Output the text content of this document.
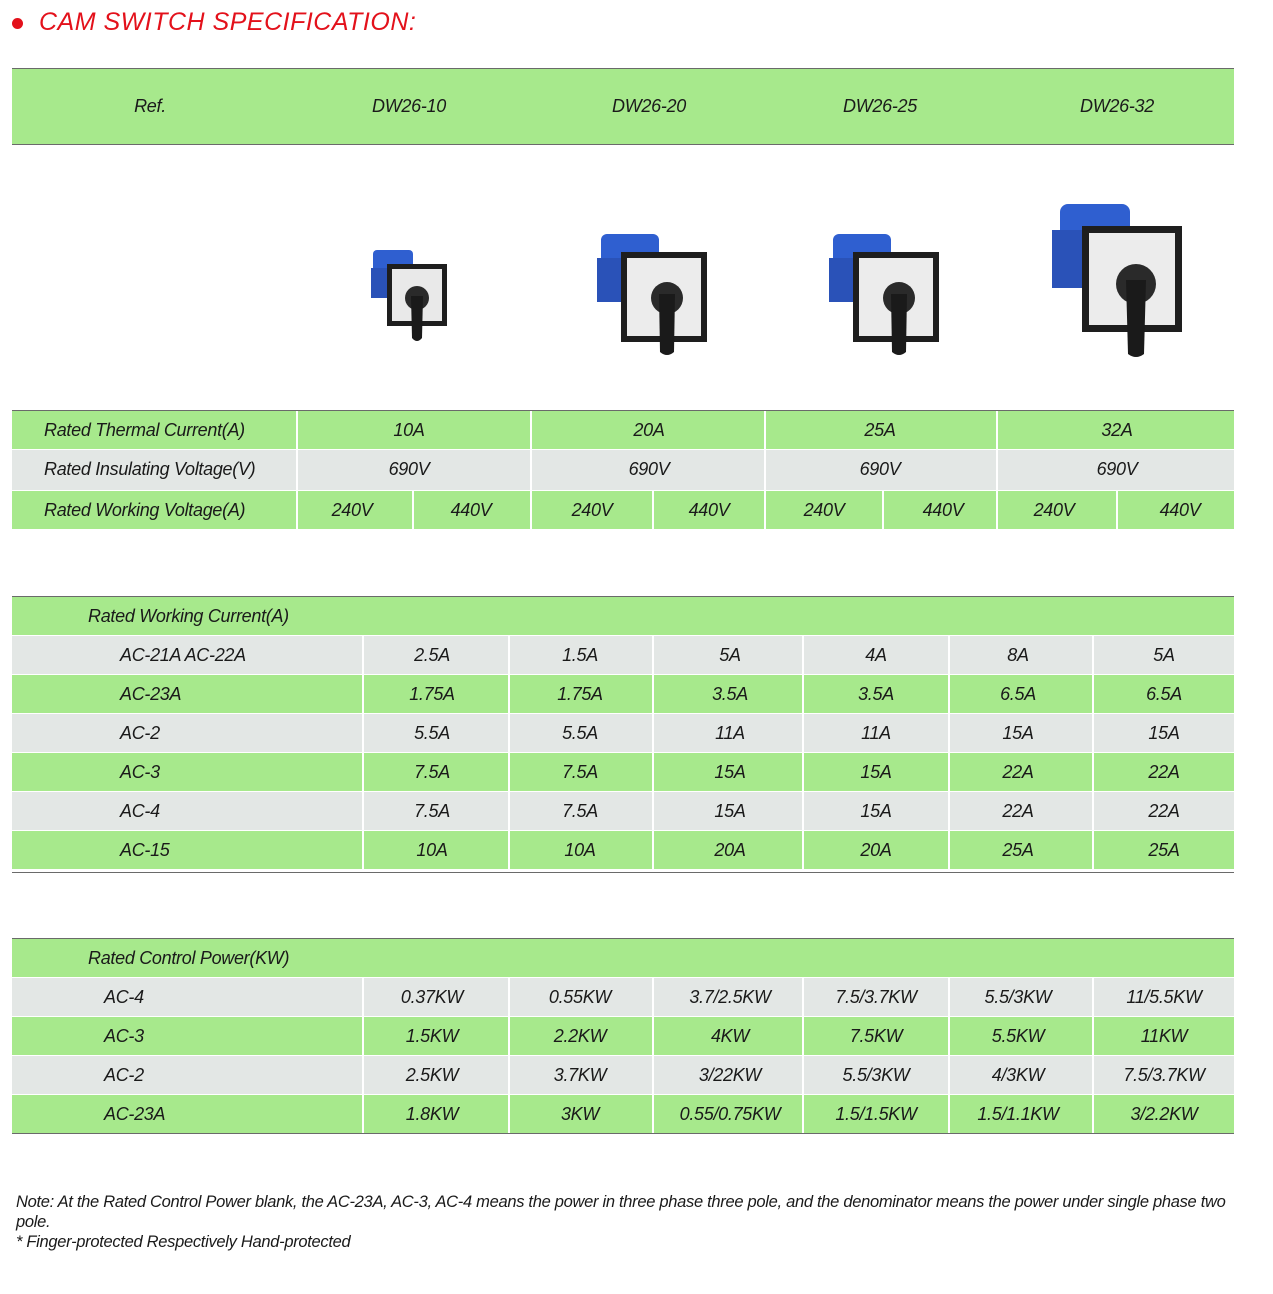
CAM SWITCH SPECIFICATION:
Ref.	DW26-10	DW26-20	DW26-25	DW26-32
Rated Thermal Current(A)	10A	20A	25A	32A
Rated Insulating Voltage(V)	690V	690V	690V	690V
Rated Working Voltage(A)	240V	440V	240V	440V	240V	440V	240V	440V
Rated Working Current(A)
AC-21A AC-22A	2.5A	1.5A	5A	4A	8A	5A
AC-23A	1.75A	1.75A	3.5A	3.5A	6.5A	6.5A
AC-2	5.5A	5.5A	11A	11A	15A	15A
AC-3	7.5A	7.5A	15A	15A	22A	22A
AC-4	7.5A	7.5A	15A	15A	22A	22A
AC-15	10A	10A	20A	20A	25A	25A
Rated Control Power(KW)
AC-4	0.37KW	0.55KW	3.7/2.5KW	7.5/3.7KW	5.5/3KW	11/5.5KW
AC-3	1.5KW	2.2KW	4KW	7.5KW	5.5KW	11KW
AC-2	2.5KW	3.7KW	3/22KW	5.5/3KW	4/3KW	7.5/3.7KW
AC-23A	1.8KW	3KW	0.55/0.75KW	1.5/1.5KW	1.5/1.1KW	3/2.2KW
Note: At the Rated Control Power blank, the AC-23A, AC-3, AC-4 means the power in three phase three pole, and the denominator means the power under single phase two pole.
* Finger-protected Respectively Hand-protected
